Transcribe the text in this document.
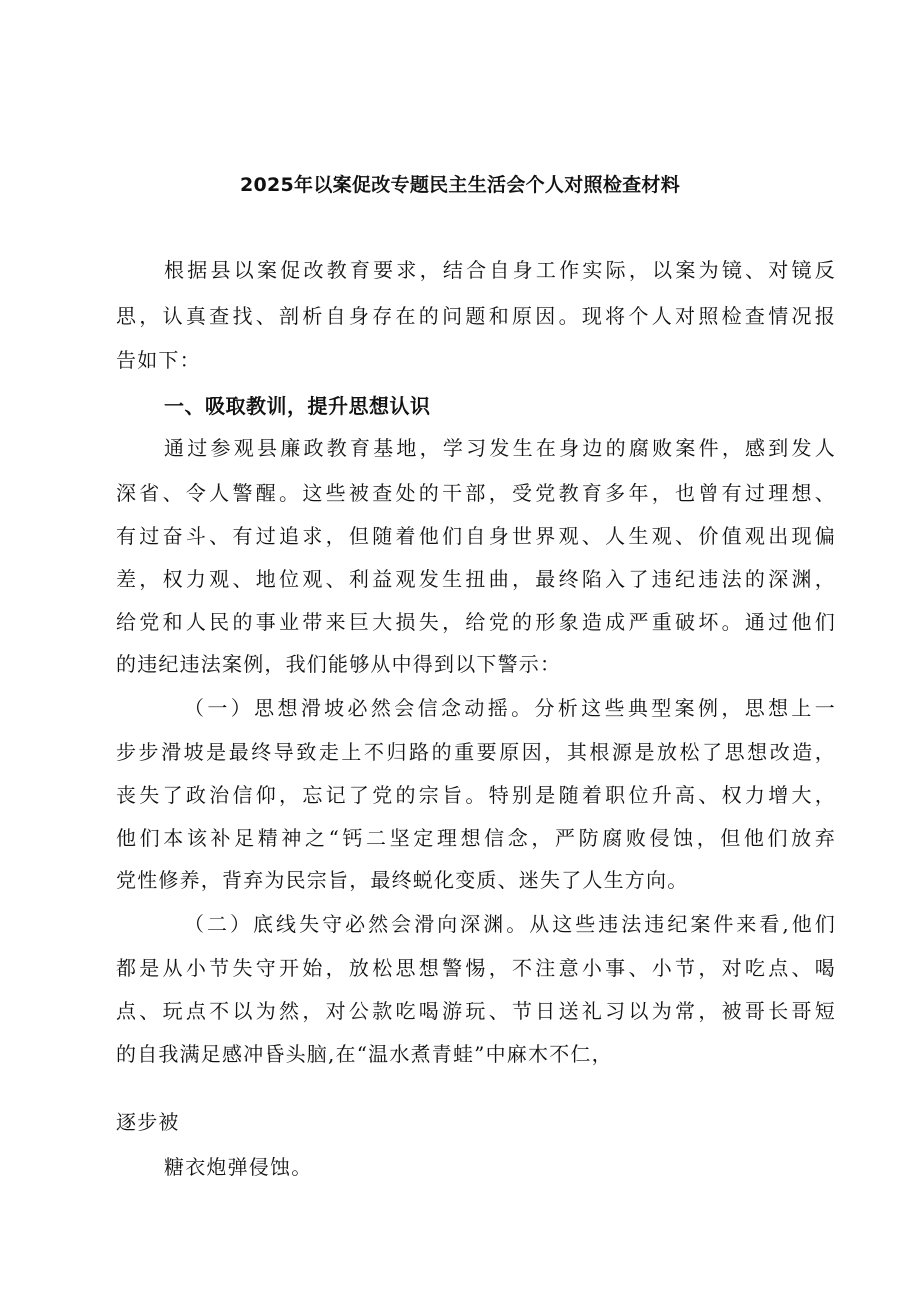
2025年以案促改专题民主生活会个人对照检查材料
根据县以案促改教育要求，结合自身工作实际，以案为镜、对镜反
思，认真查找、剖析自身存在的问题和原因。现将个人对照检查情况报
告如下：
一、吸取教训，提升思想认识
通过参观县廉政教育基地，学习发生在身边的腐败案件，感到发人
深省、令人警醒。这些被查处的干部，受党教育多年，也曾有过理想、
有过奋斗、有过追求，但随着他们自身世界观、人生观、价值观出现偏
差，权力观、地位观、利益观发生扭曲，最终陷入了违纪违法的深渊，
给党和人民的事业带来巨大损失，给党的形象造成严重破坏。通过他们
的违纪违法案例，我们能够从中得到以下警示：
（一）思想滑坡必然会信念动摇。分析这些典型案例，思想上一
步步滑坡是最终导致走上不归路的重要原因，其根源是放松了思想改造，
丧失了政治信仰，忘记了党的宗旨。特别是随着职位升高、权力增大，
他们本该补足精神之“钙二坚定理想信念，严防腐败侵蚀，但他们放弃
党性修养，背弃为民宗旨，最终蜕化变质、迷失了人生方向。
（二）底线失守必然会滑向深渊。从这些违法违纪案件来看,他们
都是从小节失守开始，放松思想警惕，不注意小事、小节，对吃点、喝
点、玩点不以为然，对公款吃喝游玩、节日送礼习以为常，被哥长哥短
的自我满足感冲昏头脑,在“温水煮青蛙”中麻木不仁，
逐步被
糖衣炮弹侵蚀。
